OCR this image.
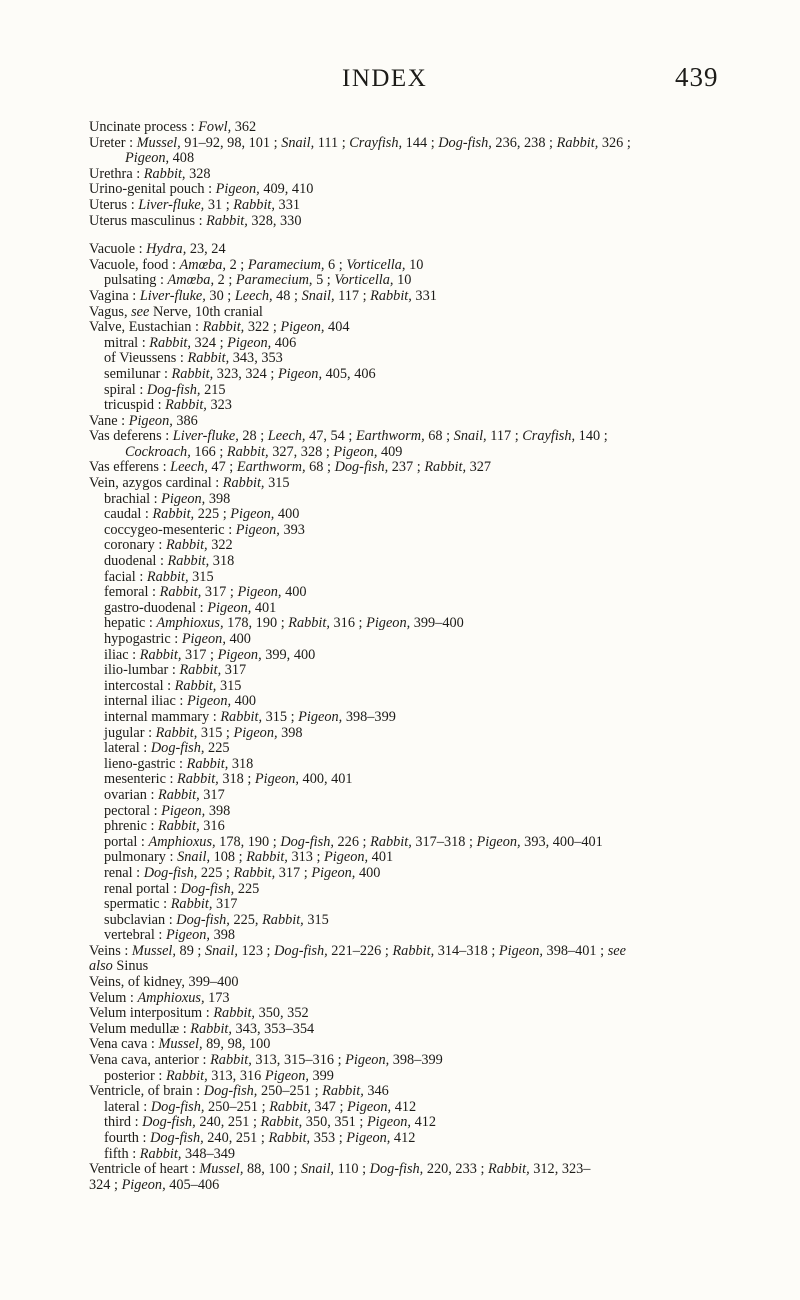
INDEX	439

Uncinate process : Fowl, 362

Ureter : Mussel, 91–92, 98, 101 ; Snail, 111 ; Crayfish, 144 ; Dog-fish, 236, 238 ; Rabbit, 326 ;
Pigeon, 408

Urethra : Rabbit, 328

Urino-genital pouch : Pigeon, 409, 410

Uterus : Liver-fluke, 31 ; Rabbit, 331

Uterus masculinus : Rabbit, 328, 330

Vacuole : Hydra, 23, 24

Vacuole, food : Amœba, 2 ; Paramecium, 6 ; Vorticella, 10

pulsating : Amœba, 2 ; Paramecium, 5 ; Vorticella, 10

Vagina : Liver-fluke, 30 ; Leech, 48 ; Snail, 117 ; Rabbit, 331

Vagus, see Nerve, 10th cranial

Valve, Eustachian : Rabbit, 322 ; Pigeon, 404

mitral : Rabbit, 324 ; Pigeon, 406

of Vieussens : Rabbit, 343, 353

semilunar : Rabbit, 323, 324 ; Pigeon, 405, 406

spiral : Dog-fish, 215

tricuspid : Rabbit, 323

Vane : Pigeon, 386

Vas deferens : Liver-fluke, 28 ; Leech, 47, 54 ; Earthworm, 68 ; Snail, 117 ; Crayfish, 140 ;
Cockroach, 166 ; Rabbit, 327, 328 ; Pigeon, 409

Vas efferens : Leech, 47 ; Earthworm, 68 ; Dog-fish, 237 ; Rabbit, 327

Vein, azygos cardinal : Rabbit, 315

brachial : Pigeon, 398

caudal : Rabbit, 225 ; Pigeon, 400

coccygeo-mesenteric : Pigeon, 393

coronary : Rabbit, 322

duodenal : Rabbit, 318

facial : Rabbit, 315

femoral : Rabbit, 317 ; Pigeon, 400

gastro-duodenal : Pigeon, 401

hepatic : Amphioxus, 178, 190 ; Rabbit, 316 ; Pigeon, 399–400

hypogastric : Pigeon, 400

iliac : Rabbit, 317 ; Pigeon, 399, 400

ilio-lumbar : Rabbit, 317

intercostal : Rabbit, 315

internal iliac : Pigeon, 400

internal mammary : Rabbit, 315 ; Pigeon, 398–399

jugular : Rabbit, 315 ; Pigeon, 398

lateral : Dog-fish, 225

lieno-gastric : Rabbit, 318

mesenteric : Rabbit, 318 ; Pigeon, 400, 401

ovarian : Rabbit, 317

pectoral : Pigeon, 398

phrenic : Rabbit, 316

portal : Amphioxus, 178, 190 ; Dog-fish, 226 ; Rabbit, 317–318 ; Pigeon, 393, 400–401

pulmonary : Snail, 108 ; Rabbit, 313 ; Pigeon, 401

renal : Dog-fish, 225 ; Rabbit, 317 ; Pigeon, 400

renal portal : Dog-fish, 225

spermatic : Rabbit, 317

subclavian : Dog-fish, 225, Rabbit, 315

vertebral : Pigeon, 398

Veins : Mussel, 89 ; Snail, 123 ; Dog-fish, 221–226 ; Rabbit, 314–318 ; Pigeon, 398–401 ; see
also Sinus

Veins, of kidney, 399–400

Velum : Amphioxus, 173

Velum interpositum : Rabbit, 350, 352

Velum medullæ : Rabbit, 343, 353–354

Vena cava : Mussel, 89, 98, 100

Vena cava, anterior : Rabbit, 313, 315–316 ; Pigeon, 398–399

posterior : Rabbit, 313, 316 Pigeon, 399

Ventricle, of brain : Dog-fish, 250–251 ; Rabbit, 346

lateral : Dog-fish, 250–251 ; Rabbit, 347 ; Pigeon, 412

third : Dog-fish, 240, 251 ; Rabbit, 350, 351 ; Pigeon, 412

fourth : Dog-fish, 240, 251 ; Rabbit, 353 ; Pigeon, 412

fifth : Rabbit, 348–349

Ventricle of heart : Mussel, 88, 100 ; Snail, 110 ; Dog-fish, 220, 233 ; Rabbit, 312, 323–
324 ; Pigeon, 405–406
